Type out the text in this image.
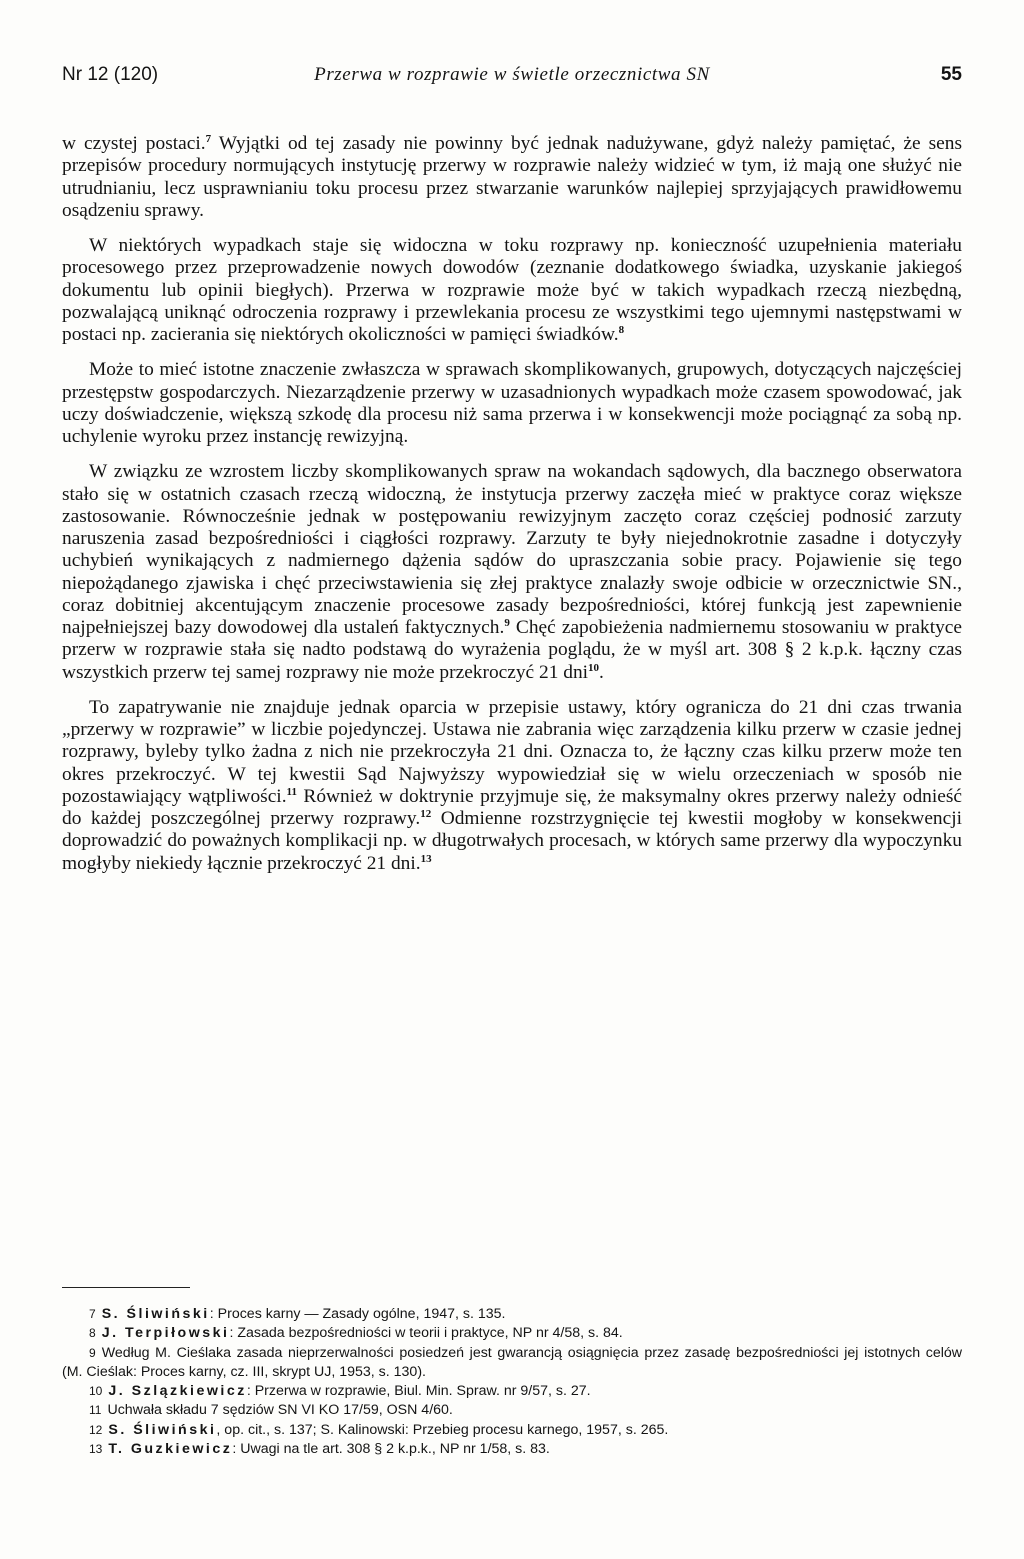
Nr 12 (120)	Przerwa w rozprawie w świetle orzecznictwa SN	55

w czystej postaci.$^7$ Wyjątki od tej zasady nie powinny być jednak nadużywane, gdyż należy pamiętać, że sens przepisów procedury normujących instytucję przerwy w rozprawie należy widzieć w tym, iż mają one służyć nie utrudnianiu, lecz usprawnianiu toku procesu przez stwarzanie warunków najlepiej sprzyjających prawidłowemu osądzeniu sprawy.

W niektórych wypadkach staje się widoczna w toku rozprawy np. konieczność uzupełnienia materiału procesowego przez przeprowadzenie nowych dowodów (zeznanie dodatkowego świadka, uzyskanie jakiegoś dokumentu lub opinii biegłych). Przerwa w rozprawie może być w takich wypadkach rzeczą niezbędną, pozwalającą uniknąć odroczenia rozprawy i przewlekania procesu ze wszystkimi tego ujemnymi następstwami w postaci np. zacierania się niektórych okoliczności w pamięci świadków.$^8$

Może to mieć istotne znaczenie zwłaszcza w sprawach skomplikowanych, grupowych, dotyczących najczęściej przestępstw gospodarczych. Niezarządzenie przerwy w uzasadnionych wypadkach może czasem spowodować, jak uczy doświadczenie, większą szkodę dla procesu niż sama przerwa i w konsekwencji może pociągnąć za sobą np. uchylenie wyroku przez instancję rewizyjną.

W związku ze wzrostem liczby skomplikowanych spraw na wokandach sądowych, dla bacznego obserwatora stało się w ostatnich czasach rzeczą widoczną, że instytucja przerwy zaczęła mieć w praktyce coraz większe zastosowanie. Równocześnie jednak w postępowaniu rewizyjnym zaczęto coraz częściej podnosić zarzuty naruszenia zasad bezpośredniości i ciągłości rozprawy. Zarzuty te były niejednokrotnie zasadne i dotyczyły uchybień wynikających z nadmiernego dążenia sądów do upraszczania sobie pracy. Pojawienie się tego niepożądanego zjawiska i chęć przeciwstawienia się złej praktyce znalazły swoje odbicie w orzecznictwie SN., coraz dobitniej akcentującym znaczenie procesowe zasady bezpośredniości, której funkcją jest zapewnienie najpełniejszej bazy dowodowej dla ustaleń faktycznych.$^9$ Chęć zapobieżenia nadmiernemu stosowaniu w praktyce przerw w rozprawie stała się nadto podstawą do wyrażenia poglądu, że w myśl art. 308 § 2 k.p.k. łączny czas wszystkich przerw tej samej rozprawy nie może przekroczyć 21 dni$^{10}$.

To zapatrywanie nie znajduje jednak oparcia w przepisie ustawy, który ogranicza do 21 dni czas trwania „przerwy w rozprawie” w liczbie pojedynczej. Ustawa nie zabrania więc zarządzenia kilku przerw w czasie jednej rozprawy, byleby tylko żadna z nich nie przekroczyła 21 dni. Oznacza to, że łączny czas kilku przerw może ten okres przekroczyć. W tej kwestii Sąd Najwyższy wypowiedział się w wielu orzeczeniach w sposób nie pozostawiający wątpliwości.$^{11}$ Również w doktrynie przyjmuje się, że maksymalny okres przerwy należy odnieść do każdej poszczególnej przerwy rozprawy.$^{12}$ Odmienne rozstrzygnięcie tej kwestii mogłoby w konsekwencji doprowadzić do poważnych komplikacji np. w długotrwałych procesach, w których same przerwy dla wypoczynku mogłyby niekiedy łącznie przekroczyć 21 dni.$^{13}$

7 S. Śliwiński: Proces karny — Zasady ogólne, 1947, s. 135.
8 J. Terpiłowski: Zasada bezpośredniości w teorii i praktyce, NP nr 4/58, s. 84.
9 Według M. Cieślaka zasada nieprzerwalności posiedzeń jest gwarancją osiągnięcia przez zasadę bezpośredniości jej istotnych celów (M. Cieślak: Proces karny, cz. III, skrypt UJ, 1953, s. 130).
10 J. Szlązkiewicz: Przerwa w rozprawie, Biul. Min. Spraw. nr 9/57, s. 27.
11 Uchwała składu 7 sędziów SN VI KO 17/59, OSN 4/60.
12 S. Śliwiński, op. cit., s. 137; S. Kalinowski: Przebieg procesu karnego, 1957, s. 265.
13 T. Guzkiewicz: Uwagi na tle art. 308 § 2 k.p.k., NP nr 1/58, s. 83.
